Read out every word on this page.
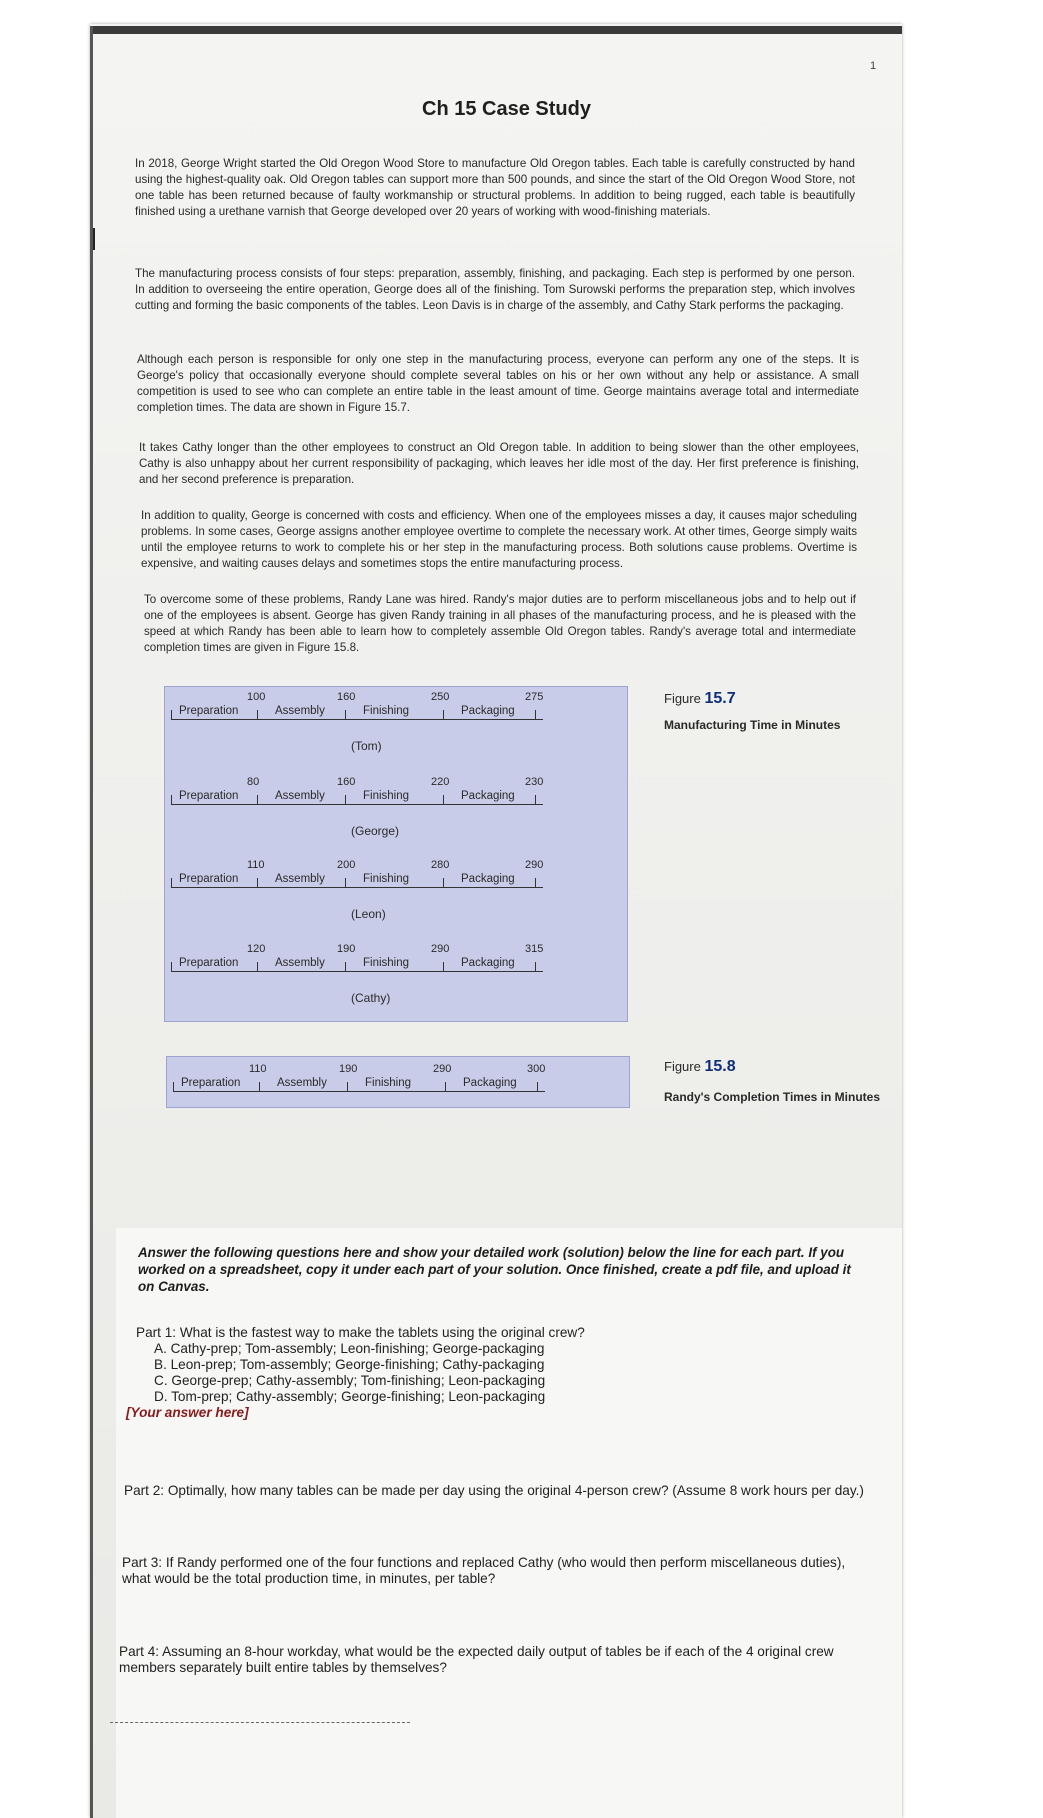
1
Ch 15 Case Study
In 2018, George Wright started the Old Oregon Wood Store to manufacture Old Oregon tables. Each table is carefully constructed by hand using the highest-quality oak. Old Oregon tables can support more than 500 pounds, and since the start of the Old Oregon Wood Store, not one table has been returned because of faulty workmanship or structural problems. In addition to being rugged, each table is beautifully finished using a urethane varnish that George developed over 20 years of working with wood-finishing materials.
The manufacturing process consists of four steps: preparation, assembly, finishing, and packaging. Each step is performed by one person. In addition to overseeing the entire operation, George does all of the finishing. Tom Surowski performs the preparation step, which involves cutting and forming the basic components of the tables. Leon Davis is in charge of the assembly, and Cathy Stark performs the packaging.
Although each person is responsible for only one step in the manufacturing process, everyone can perform any one of the steps. It is George's policy that occasionally everyone should complete several tables on his or her own without any help or assistance. A small competition is used to see who can complete an entire table in the least amount of time. George maintains average total and intermediate completion times. The data are shown in Figure 15.7.
It takes Cathy longer than the other employees to construct an Old Oregon table. In addition to being slower than the other employees, Cathy is also unhappy about her current responsibility of packaging, which leaves her idle most of the day. Her first preference is finishing, and her second preference is preparation.
In addition to quality, George is concerned with costs and efficiency. When one of the employees misses a day, it causes major scheduling problems. In some cases, George assigns another employee overtime to complete the necessary work. At other times, George simply waits until the employee returns to work to complete his or her step in the manufacturing process. Both solutions cause problems. Overtime is expensive, and waiting causes delays and sometimes stops the entire manufacturing process.
To overcome some of these problems, Randy Lane was hired. Randy's major duties are to perform miscellaneous jobs and to help out if one of the employees is absent. George has given Randy training in all phases of the manufacturing process, and he is pleased with the speed at which Randy has been able to learn how to completely assemble Old Oregon tables. Randy's average total and intermediate completion times are given in Figure 15.8.
Preparation
100
Assembly
160
Finishing
250
Packaging
275
(Tom)
Preparation
80
Assembly
160
Finishing
220
Packaging
230
(George)
Preparation
110
Assembly
200
Finishing
280
Packaging
290
(Leon)
Preparation
120
Assembly
190
Finishing
290
Packaging
315
(Cathy)
Figure 15.7
Manufacturing Time in Minutes
Preparation
110
Assembly
190
Finishing
290
Packaging
300	Figure 15.8
Randy's Completion Times in Minutes
Answer the following questions here and show your detailed work (solution) below the line for each part. If you worked on a spreadsheet, copy it under each part of your solution. Once finished, create a pdf file, and upload it on Canvas.
Part 1: What is the fastest way to make the tablets using the original crew?
A. Cathy-prep; Tom-assembly; Leon-finishing; George-packaging
B. Leon-prep; Tom-assembly; George-finishing; Cathy-packaging
C. George-prep; Cathy-assembly; Tom-finishing; Leon-packaging
D. Tom-prep; Cathy-assembly; George-finishing; Leon-packaging
[Your answer here]
Part 2: Optimally, how many tables can be made per day using the original 4-person crew? (Assume 8 work hours per day.)
Part 3: If Randy performed one of the four functions and replaced Cathy (who would then perform miscellaneous duties), what would be the total production time, in minutes, per table?
Part 4: Assuming an 8-hour workday, what would be the expected daily output of tables be if each of the 4 original crew members separately built entire tables by themselves?
